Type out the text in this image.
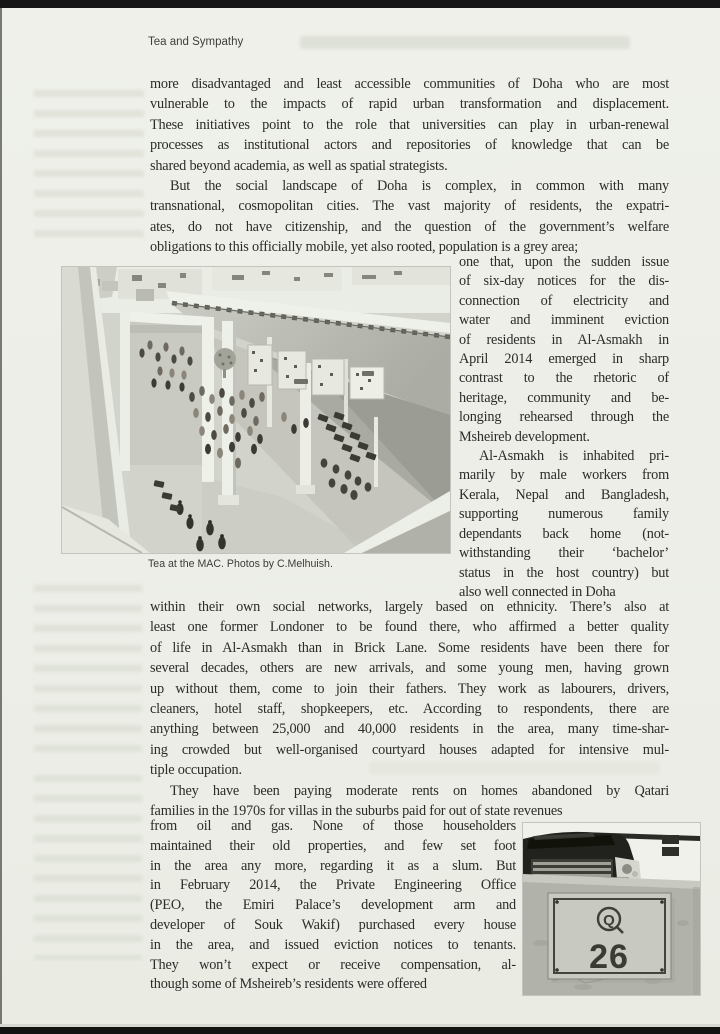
Tea and Sympathy
more disadvantaged and least accessible communities of Doha who are most
vulnerable to the impacts of rapid urban transformation and displacement.
These initiatives point to the role that universities can play in urban-renewal
processes as institutional actors and repositories of knowledge that can be
shared beyond academia, as well as spatial strategists.
But the social landscape of Doha is complex, in common with many
transnational, cosmopolitan cities. The vast majority of residents, the expatri-
ates, do not have citizenship, and the question of the government’s welfare
obligations to this officially mobile, yet also rooted, population is a grey area;
one that, upon the sudden issue
of six-day notices for the dis-
connection of electricity and
water and imminent eviction
of residents in Al-Asmakh in
April 2014 emerged in sharp
contrast to the rhetoric of
heritage, community and be-
longing rehearsed through the
Msheireb development.
Al-Asmakh is inhabited pri-
marily by male workers from
Kerala, Nepal and Bangladesh,
supporting numerous family
dependants back home (not-
withstanding their ‘bachelor’
status in the host country) but
also well connected in Doha
within their own social networks, largely based on ethnicity. There’s also at
least one former Londoner to be found there, who affirmed a better quality
of life in Al-Asmakh than in Brick Lane. Some residents have been there for
several decades, others are new arrivals, and some young men, having grown
up without them, come to join their fathers. They work as labourers, drivers,
cleaners, hotel staff, shopkeepers, etc. According to respondents, there are
anything between 25,000 and 40,000 residents in the area, many time-shar-
ing crowded but well-organised courtyard houses adapted for intensive mul-
tiple occupation.
They have been paying moderate rents on homes abandoned by Qatari
families in the 1970s for villas in the suburbs paid for out of state revenues
from oil and gas. None of those householders
maintained their old properties, and few set foot
in the area any more, regarding it as a slum. But
in February 2014, the Private Engineering Office
(PEO, the Emiri Palace’s development arm and
developer of Souk Wakif) purchased every house
in the area, and issued eviction notices to tenants.
They won’t expect or receive compensation, al-
though some of Msheireb’s residents were offered
Tea at the MAC. Photos by C.Melhuish.
Q
26
